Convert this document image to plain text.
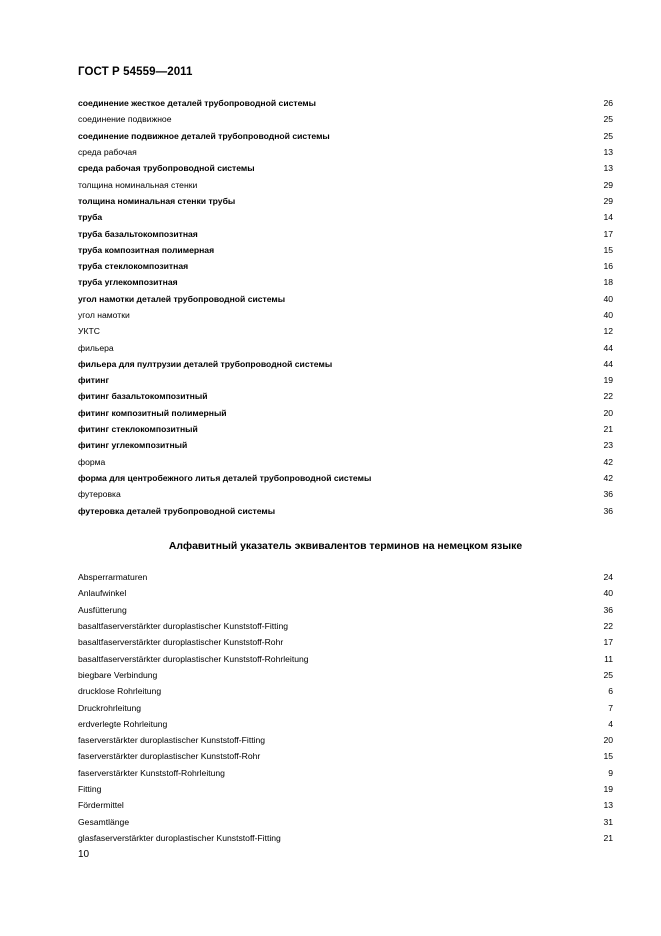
ГОСТ Р 54559—2011
соединение жесткое деталей трубопроводной системы	26
соединение подвижное	25
соединение подвижное деталей трубопроводной системы	25
среда рабочая	13
среда рабочая трубопроводной системы	13
толщина номинальная стенки	29
толщина номинальная стенки трубы	29
труба	14
труба базальтокомпозитная	17
труба композитная полимерная	15
труба стеклокомпозитная	16
труба углекомпозитная	18
угол намотки деталей трубопроводной системы	40
угол намотки	40
УКТС	12
фильера	44
фильера для пултрузии деталей трубопроводной системы	44
фитинг	19
фитинг базальтокомпозитный	22
фитинг композитный полимерный	20
фитинг стеклокомпозитный	21
фитинг углекомпозитный	23
форма	42
форма для центробежного литья деталей трубопроводной системы	42
футеровка	36
футеровка деталей трубопроводной системы	36
Алфавитный указатель эквивалентов терминов на немецком языке
Absperrarmaturen	24
Anlaufwinkel	40
Ausfütterung	36
basaltfaserverstärkter duroplastischer Kunststoff-Fitting	22
basaltfaserverstärkter duroplastischer Kunststoff-Rohr	17
basaltfaserverstärkter duroplastischer Kunststoff-Rohrleitung	11
biegbare Verbindung	25
drucklose Rohrleitung	6
Druckrohrleitung	7
erdverlegte Rohrleitung	4
faserverstärkter duroplastischer Kunststoff-Fitting	20
faserverstärkter duroplastischer Kunststoff-Rohr	15
faserverstärkter Kunststoff-Rohrleitung	9
Fitting	19
Fördermittel	13
Gesamtlänge	31
glasfaserverstärkter duroplastischer Kunststoff-Fitting	21
10
